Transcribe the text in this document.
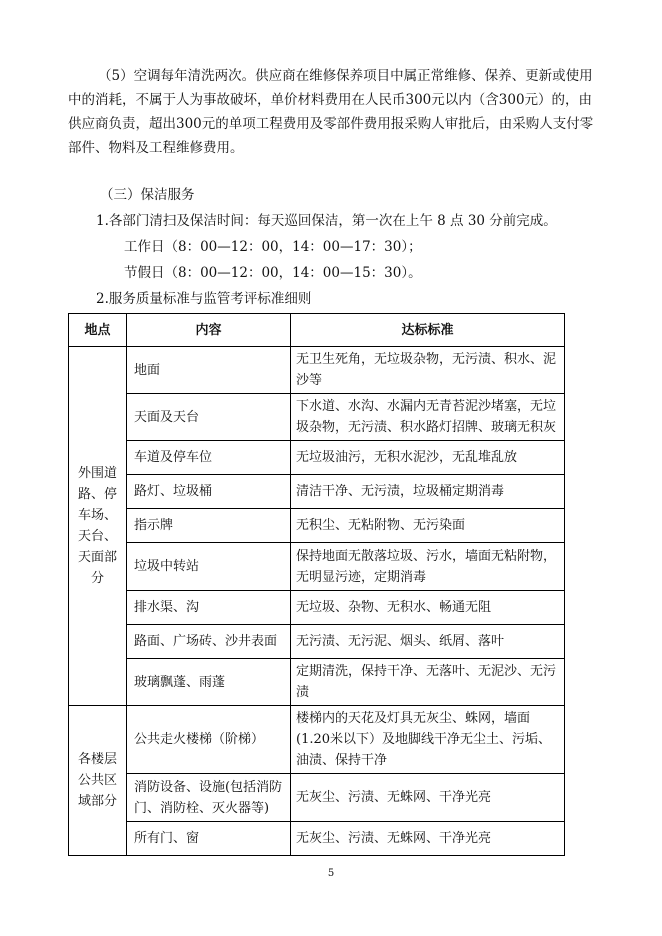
（5）空调每年清洗两次。供应商在维修保养项目中属正常维修、保养、更新或使用中的消耗，不属于人为事故破坏，单价材料费用在人民币300元以内（含300元）的，由供应商负责，超出300元的单项工程费用及零部件费用报采购人审批后，由采购人支付零部件、物料及工程维修费用。
（三）保洁服务
1.各部门清扫及保洁时间：每天巡回保洁，第一次在上午 8 点 30 分前完成。
工作日（8：00—12：00，14：00—17：30）；
节假日（8：00—12：00，14：00—15：30）。
2.服务质量标准与监管考评标准细则
地点	内容	达标标准
外围道路、停车场、天台、天面部分	地面	无卫生死角，无垃圾杂物，无污渍、积水、泥沙等
	天面及天台	下水道、水沟、水漏内无青苔泥沙堵塞，无垃圾杂物，无污渍、积水路灯招牌、玻璃无积灰
	车道及停车位	无垃圾油污，无积水泥沙，无乱堆乱放
	路灯、垃圾桶	清洁干净、无污渍，垃圾桶定期消毒
	指示牌	无积尘、无粘附物、无污染面
	垃圾中转站	保持地面无散落垃圾、污水，墙面无粘附物，无明显污迹，定期消毒
	排水渠、沟	无垃圾、杂物、无积水、畅通无阻
	路面、广场砖、沙井表面	无污渍、无污泥、烟头、纸屑、落叶
	玻璃飘蓬、雨蓬	定期清洗，保持干净、无落叶、无泥沙、无污渍
各楼层公共区域部分	公共走火楼梯（阶梯）	楼梯内的天花及灯具无灰尘、蛛网，墙面(1.20米以下）及地脚线干净无尘土、污垢、油渍、保持干净
	消防设备、设施(包括消防门、消防栓、灭火器等)	无灰尘、污渍、无蛛网、干净光亮
	所有门、窗	无灰尘、污渍、无蛛网、干净光亮
5
